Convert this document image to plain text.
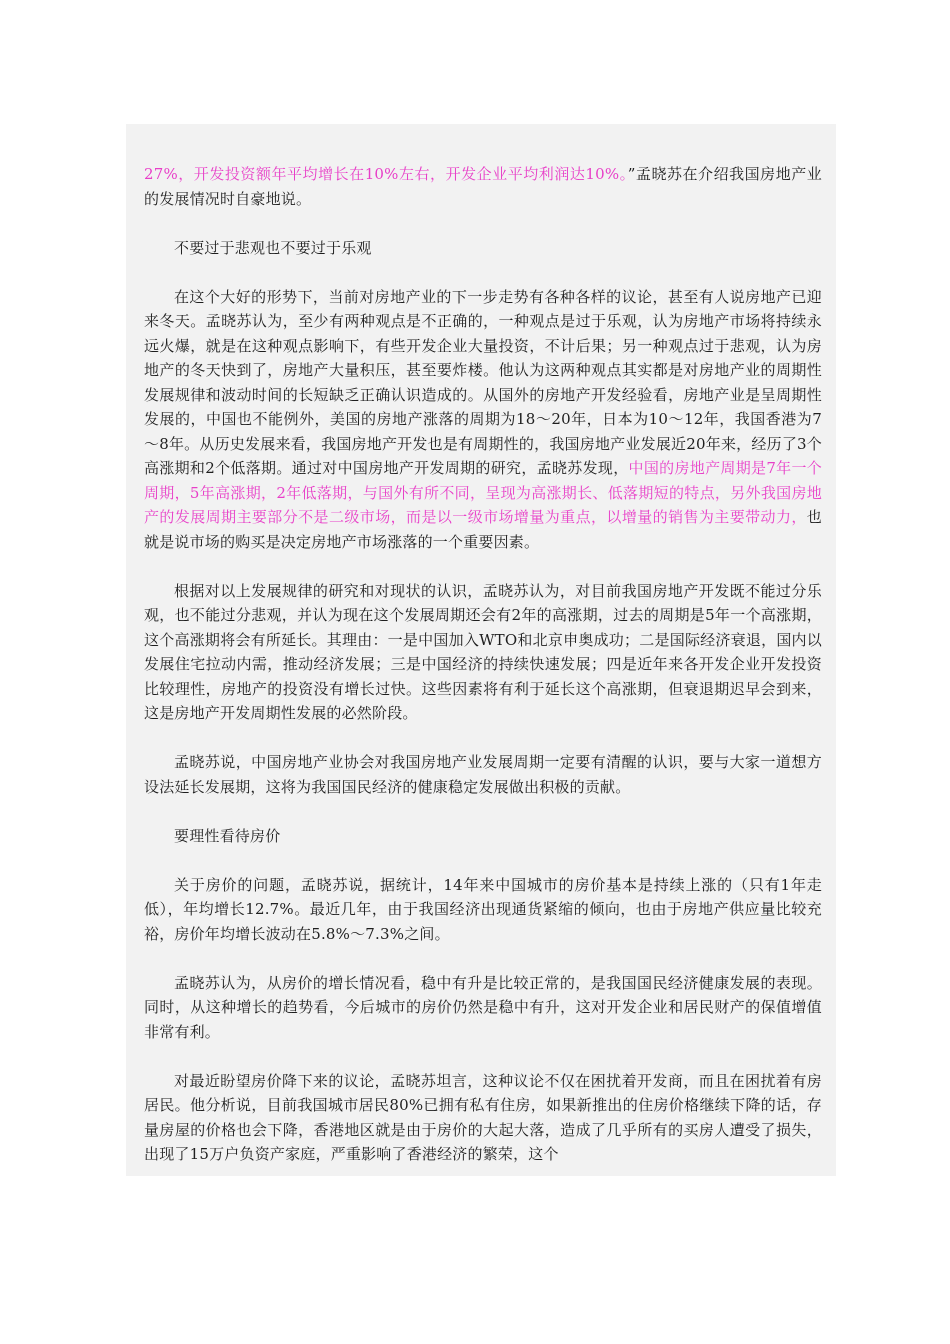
27%，开发投资额年平均增长在10%左右，开发企业平均利润达10%。”孟晓苏在介绍我国房地产业的发展情况时自豪地说。

不要过于悲观也不要过于乐观

在这个大好的形势下，当前对房地产业的下一步走势有各种各样的议论，甚至有人说房地产已迎来冬天。孟晓苏认为，至少有两种观点是不正确的，一种观点是过于乐观，认为房地产市场将持续永远火爆，就是在这种观点影响下，有些开发企业大量投资，不计后果；另一种观点过于悲观，认为房地产的冬天快到了，房地产大量积压，甚至要炸楼。他认为这两种观点其实都是对房地产业的周期性发展规律和波动时间的长短缺乏正确认识造成的。从国外的房地产开发经验看，房地产业是呈周期性发展的，中国也不能例外，美国的房地产涨落的周期为18～20年，日本为10～12年，我国香港为7～8年。从历史发展来看，我国房地产开发也是有周期性的，我国房地产业发展近20年来，经历了3个高涨期和2个低落期。通过对中国房地产开发周期的研究，孟晓苏发现，中国的房地产周期是7年一个周期，5年高涨期，2年低落期，与国外有所不同，呈现为高涨期长、低落期短的特点，另外我国房地产的发展周期主要部分不是二级市场，而是以一级市场增量为重点，以增量的销售为主要带动力，也就是说市场的购买是决定房地产市场涨落的一个重要因素。

根据对以上发展规律的研究和对现状的认识，孟晓苏认为，对目前我国房地产开发既不能过分乐观，也不能过分悲观，并认为现在这个发展周期还会有2年的高涨期，过去的周期是5年一个高涨期，这个高涨期将会有所延长。其理由：一是中国加入WTO和北京申奥成功；二是国际经济衰退，国内以发展住宅拉动内需，推动经济发展；三是中国经济的持续快速发展；四是近年来各开发企业开发投资比较理性，房地产的投资没有增长过快。这些因素将有利于延长这个高涨期，但衰退期迟早会到来，这是房地产开发周期性发展的必然阶段。

孟晓苏说，中国房地产业协会对我国房地产业发展周期一定要有清醒的认识，要与大家一道想方设法延长发展期，这将为我国国民经济的健康稳定发展做出积极的贡献。

要理性看待房价

关于房价的问题，孟晓苏说，据统计，14年来中国城市的房价基本是持续上涨的（只有1年走低），年均增长12.7%。最近几年，由于我国经济出现通货紧缩的倾向，也由于房地产供应量比较充裕，房价年均增长波动在5.8%～7.3%之间。

孟晓苏认为，从房价的增长情况看，稳中有升是比较正常的，是我国国民经济健康发展的表现。同时，从这种增长的趋势看，今后城市的房价仍然是稳中有升，这对开发企业和居民财产的保值增值非常有利。

对最近盼望房价降下来的议论，孟晓苏坦言，这种议论不仅在困扰着开发商，而且在困扰着有房居民。他分析说，目前我国城市居民80%已拥有私有住房，如果新推出的住房价格继续下降的话，存量房屋的价格也会下降，香港地区就是由于房价的大起大落，造成了几乎所有的买房人遭受了损失，出现了15万户负资产家庭，严重影响了香港经济的繁荣，这个
